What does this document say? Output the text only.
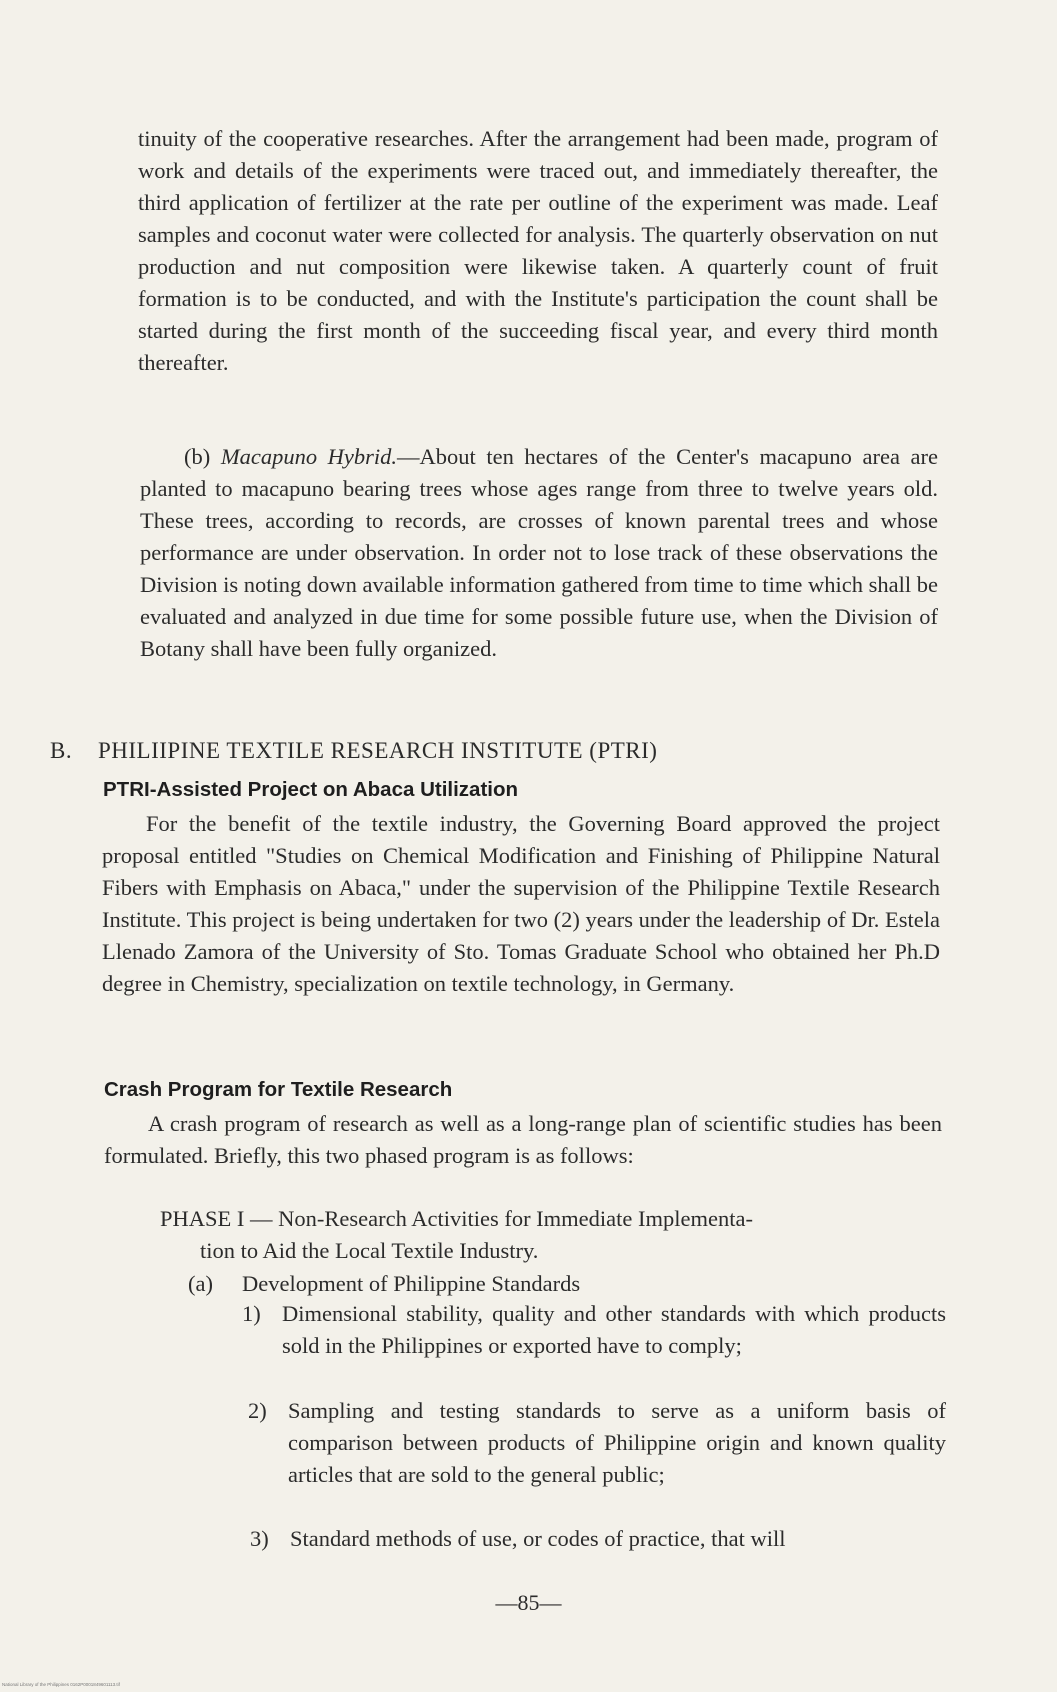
tinuity of the cooperative researches. After the arrangement had been made, program of work and details of the experiments were traced out, and immediately thereafter, the third application of fertilizer at the rate per outline of the experiment was made. Leaf samples and coconut water were collected for analysis. The quarterly observation on nut production and nut composition were likewise taken. A quarterly count of fruit formation is to be conducted, and with the Institute's participation the count shall be started during the first month of the succeeding fiscal year, and every third month thereafter.
(b) Macapuno Hybrid.—About ten hectares of the Center's macapuno area are planted to macapuno bearing trees whose ages range from three to twelve years old. These trees, according to records, are crosses of known parental trees and whose performance are under observation. In order not to lose track of these observations the Division is noting down available information gathered from time to time which shall be evaluated and analyzed in due time for some possible future use, when the Division of Botany shall have been fully organized.
B. PHILIIPINE TEXTILE RESEARCH INSTITUTE (PTRI)
PTRI-Assisted Project on Abaca Utilization
For the benefit of the textile industry, the Governing Board approved the project proposal entitled "Studies on Chemical Modification and Finishing of Philippine Natural Fibers with Emphasis on Abaca," under the supervision of the Philippine Textile Research Institute. This project is being undertaken for two (2) years under the leadership of Dr. Estela Llenado Zamora of the University of Sto. Tomas Graduate School who obtained her Ph.D degree in Chemistry, specialization on textile technology, in Germany.
Crash Program for Textile Research
A crash program of research as well as a long-range plan of scientific studies has been formulated. Briefly, this two phased program is as follows:
PHASE I — Non-Research Activities for Immediate Implementa-
tion to Aid the Local Textile Industry.
(a) Development of Philippine Standards
1) Dimensional stability, quality and other standards with which products sold in the Philippines or exported have to comply;
2) Sampling and testing standards to serve as a uniform basis of comparison between products of Philippine origin and known quality articles that are sold to the general public;
3) Standard methods of use, or codes of practice, that will
—85—
National Library of the Philippines 0162P0001849601113.tif
